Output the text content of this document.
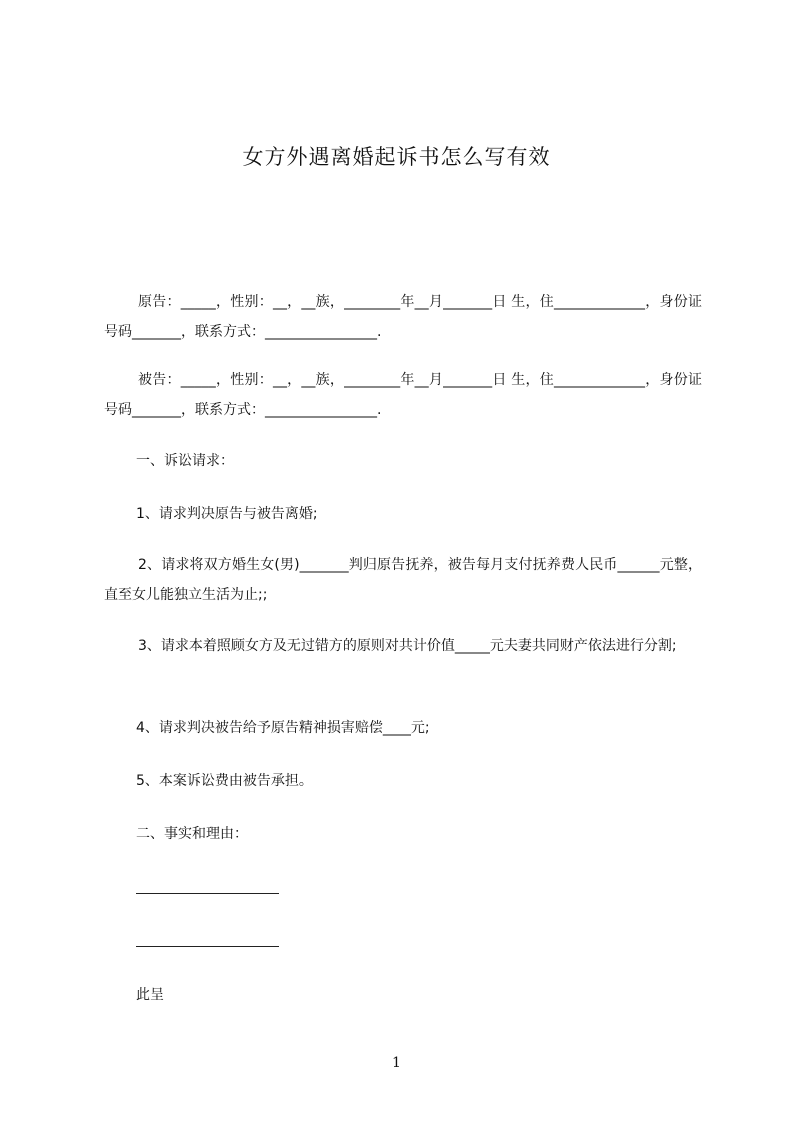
女方外遇离婚起诉书怎么写有效

原告：_____，性别：__，__族，________年__月_______日 生，住_____________，身份证号码_______，联系方式：________________.

被告：_____，性别：__，__族，________年__月_______日 生，住_____________，身份证号码_______，联系方式：________________.

一、诉讼请求：

1、请求判决原告与被告离婚;

2、请求将双方婚生女(男)_______判归原告抚养，被告每月支付抚养费人民币______元整，直至女儿能独立生活为止;;

3、请求本着照顾女方及无过错方的原则对共计价值_____元夫妻共同财产依法进行分割;

4、请求判决被告给予原告精神损害赔偿____元;

5、本案诉讼费由被告承担。

二、事实和理由：

此呈

1
